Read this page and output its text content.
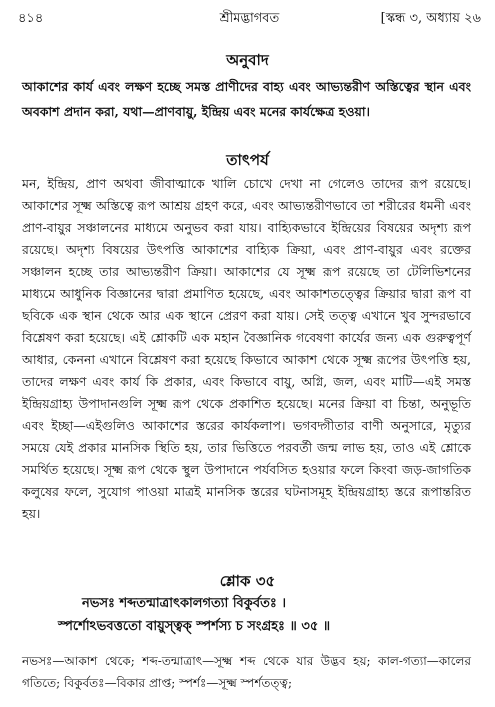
৪১৪	শ্রীমদ্ভাগবত	[স্কন্ধ ৩, অধ্যায় ২৬
অনুবাদ

আকাশের কার্য এবং লক্ষণ হচ্ছে সমস্ত প্রাণীদের বাহ্য এবং আভ্যন্তরীণ অস্তিত্বের স্থান এবং অবকাশ প্রদান করা, যথা—প্রাণবায়ু, ইন্দ্রিয় এবং মনের কার্যক্ষেত্র হওয়া।

তাৎপর্য

মন, ইন্দ্রিয়, প্রাণ অথবা জীবাত্মাকে খালি চোখে দেখা না গেলেও তাদের রূপ রয়েছে। আকাশের সূক্ষ্ম অস্তিত্বে রূপ আশ্রয় গ্রহণ করে, এবং আভ্যন্তরীণভাবে তা শরীরের ধমনী এবং প্রাণ-বায়ুর সঞ্চালনের মাধ্যমে অনুভব করা যায়। বাহ্যিকভাবে ইন্দ্রিয়ের বিষয়ের অদৃশ্য রূপ রয়েছে। অদৃশ্য বিষয়ের উৎপত্তি আকাশের বাহ্যিক ক্রিয়া, এবং প্রাণ-বায়ুর এবং রক্তের সঞ্চালন হচ্ছে তার আভ্যন্তরীণ ক্রিয়া। আকাশের যে সূক্ষ্ম রূপ রয়েছে তা টেলিভিশনের মাধ্যমে আধুনিক বিজ্ঞানের দ্বারা প্রমাণিত হয়েছে, এবং আকাশতত্ত্বের ক্রিয়ার দ্বারা রূপ বা ছবিকে এক স্থান থেকে আর এক স্থানে প্রেরণ করা যায়। সেই তত্ত্ব এখানে খুব সুন্দরভাবে বিশ্লেষণ করা হয়েছে। এই শ্লোকটি এক মহান বৈজ্ঞানিক গবেষণা কার্যের জন্য এক গুরুত্বপূর্ণ আধার, কেননা এখানে বিশ্লেষণ করা হয়েছে কিভাবে আকাশ থেকে সূক্ষ্ম রূপের উৎপত্তি হয়, তাদের লক্ষণ এবং কার্য কি প্রকার, এবং কিভাবে বায়ু, অগ্নি, জল, এবং মাটি—এই সমস্ত ইন্দ্রিয়গ্রাহ্য উপাদানগুলি সূক্ষ্ম রূপ থেকে প্রকাশিত হয়েছে। মনের ক্রিয়া বা চিন্তা, অনুভূতি এবং ইচ্ছা—এইগুলিও আকাশের স্তরের কার্যকলাপ। ভগবদ্গীতার বাণী অনুসারে, মৃত্যুর সময়ে যেই প্রকার মানসিক স্থিতি হয়, তার ভিত্তিতে পরবর্তী জন্ম লাভ হয়, তাও এই শ্লোকে সমর্থিত হয়েছে। সূক্ষ্ম রূপ থেকে স্থুল উপাদানে পর্যবসিত হওয়ার ফলে কিংবা জড়-জাগতিক কলুষের ফলে, সুযোগ পাওয়া মাত্রই মানসিক স্তরের ঘটনাসমূহ ইন্দ্রিয়গ্রাহ্য স্তরে রূপান্তরিত হয়।

শ্লোক ৩৫
নভসঃ শব্দতন্মাত্রাৎকালগত্যা বিকুর্বতঃ ।
স্পর্শোঽভবত্ততো বায়ুস্ত্বক্ স্পর্শস্য চ সংগ্রহঃ ॥ ৩৫ ॥

নভসঃ—আকাশ থেকে; শব্দ-তন্মাত্রাৎ—সূক্ষ্ম শব্দ থেকে যার উদ্ভব হয়; কাল-গত্যা—কালের গতিতে; বিকুর্বতঃ—বিকার প্রাপ্ত; স্পর্শঃ—সূক্ষ্ম স্পর্শতত্ত্ব;
